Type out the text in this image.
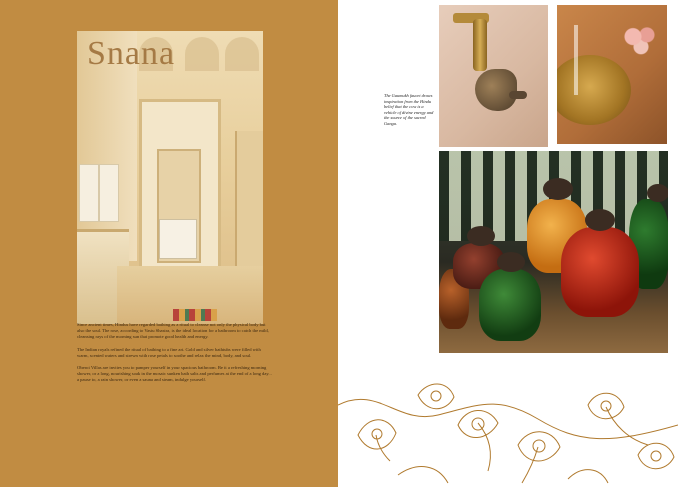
Snana

Since ancient times, Hindus have regarded bathing as a ritual to cleanse not only the physical body but also the soul. The rose, according to Vastu Shastra, is the ideal location for a bathroom to catch the mild, cleansing rays of the morning sun that promote good health and energy.

The Indian royals refined the ritual of bathing to a fine art. Gold and silver bathtubs were filled with warm, scented waters and strewn with rose petals to soothe and relax the mind, body, and soul.

Oberoi Villas are invites you to pamper yourself in your spacious bathroom. Be it a refreshing morning shower, or a long, nourishing soak in the mosaic sunken bath salts and perfumes at the end of a long day... a pause to, a rain shower, or even a sauna and steam, indulge yourself.

The Gaumukh faucet draws inspiration from the Hindu belief that the cow is a vehicle of divine energy and the source of the sacred Ganga.
